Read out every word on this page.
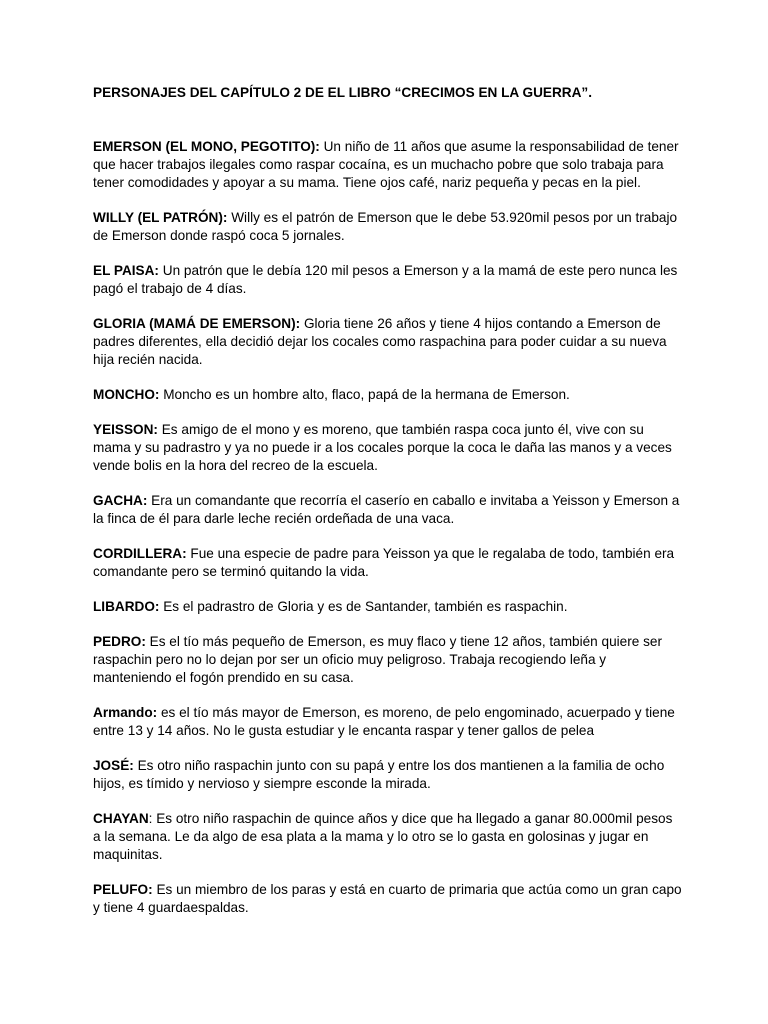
PERSONAJES DEL CAPÍTULO 2 DE EL LIBRO “CRECIMOS EN LA GUERRA”.

EMERSON (EL MONO, PEGOTITO): Un niño de 11 años que asume la responsabilidad de tener que hacer trabajos ilegales como raspar cocaína, es un muchacho pobre que solo trabaja para tener comodidades y apoyar a su mama. Tiene ojos café, nariz pequeña y pecas en la piel.

WILLY (EL PATRÓN): Willy es el patrón de Emerson que le debe 53.920mil pesos por un trabajo de Emerson donde raspó coca 5 jornales.

EL PAISA: Un patrón que le debía 120 mil pesos a Emerson y a la mamá de este pero nunca les pagó el trabajo de 4 días.

GLORIA (MAMÁ DE EMERSON): Gloria tiene 26 años y tiene 4 hijos contando a Emerson de padres diferentes, ella decidió dejar los cocales como raspachina para poder cuidar a su nueva hija recién nacida.

MONCHO: Moncho es un hombre alto, flaco, papá de la hermana de Emerson.

YEISSON: Es amigo de el mono y es moreno, que también raspa coca junto él, vive con su mama y su padrastro y ya no puede ir a los cocales porque la coca le daña las manos y a veces vende bolis en la hora del recreo de la escuela.

GACHA: Era un comandante que recorría el caserío en caballo e invitaba a Yeisson y Emerson a la finca de él para darle leche recién ordeñada de una vaca.

CORDILLERA: Fue una especie de padre para Yeisson ya que le regalaba de todo, también era comandante pero se terminó quitando la vida.

LIBARDO: Es el padrastro de Gloria y es de Santander, también es raspachin.

PEDRO: Es el tío más pequeño de Emerson, es muy flaco y tiene 12 años, también quiere ser raspachin pero no lo dejan por ser un oficio muy peligroso. Trabaja recogiendo leña y manteniendo el fogón prendido en su casa.

Armando: es el tío más mayor de Emerson, es moreno, de pelo engominado, acuerpado y tiene entre 13 y 14 años. No le gusta estudiar y le encanta raspar y tener gallos de pelea

JOSÉ: Es otro niño raspachin junto con su papá y entre los dos mantienen a la familia de ocho hijos, es tímido y nervioso y siempre esconde la mirada.

CHAYAN: Es otro niño raspachin de quince años y dice que ha llegado a ganar 80.000mil pesos a la semana. Le da algo de esa plata a la mama y lo otro se lo gasta en golosinas y jugar en maquinitas.

PELUFO: Es un miembro de los paras y está en cuarto de primaria que actúa como un gran capo y tiene 4 guardaespaldas.
